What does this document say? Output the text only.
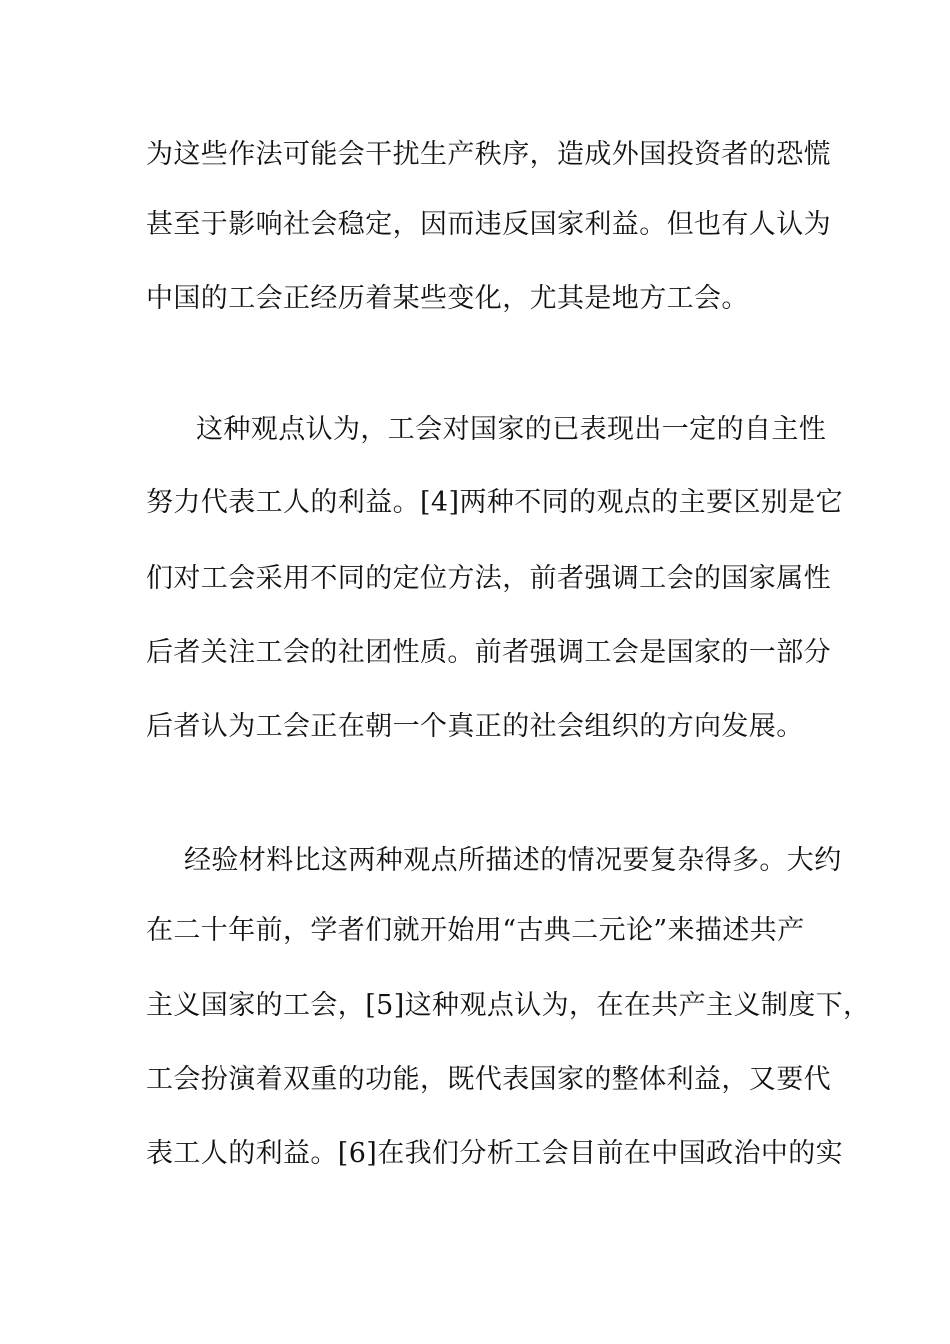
为这些作法可能会干扰生产秩序，造成外国投资者的恐慌
甚至于影响社会稳定，因而违反国家利益。但也有人认为
中国的工会正经历着某些变化，尤其是地方工会。
这种观点认为，工会对国家的已表现出一定的自主性
努力代表工人的利益。[4]两种不同的观点的主要区别是它
们对工会采用不同的定位方法，前者强调工会的国家属性
后者关注工会的社团性质。前者强调工会是国家的一部分
后者认为工会正在朝一个真正的社会组织的方向发展。
经验材料比这两种观点所描述的情况要复杂得多。大约
在二十年前，学者们就开始用“古典二元论”来描述共产
主义国家的工会，[5]这种观点认为，在在共产主义制度下，
工会扮演着双重的功能，既代表国家的整体利益，又要代
表工人的利益。[6]在我们分析工会目前在中国政治中的实
